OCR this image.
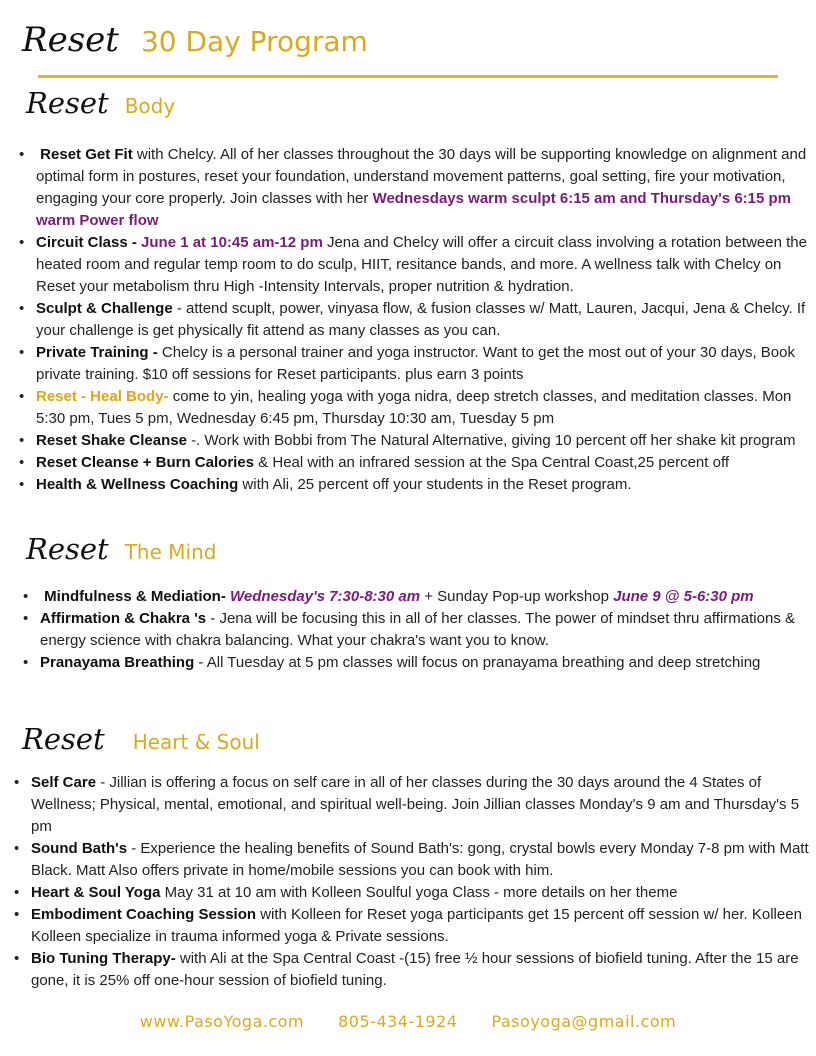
Reset 30 Day Program
Reset Body
• Reset Get Fit with Chelcy. All of her classes throughout the 30 days will be supporting knowledge on alignment and optimal form in postures, reset your foundation, understand movement patterns, goal setting, fire your motivation, engaging your core properly. Join classes with her Wednesdays warm sculpt 6:15 am and Thursday's 6:15 pm warm Power flow
• Circuit Class - June 1 at 10:45 am-12 pm Jena and Chelcy will offer a circuit class involving a rotation between the heated room and regular temp room to do sculp, HIIT, resitance bands, and more. A wellness talk with Chelcy on Reset your metabolism thru High -Intensity Intervals, proper nutrition & hydration.
• Sculpt & Challenge - attend scuplt, power, vinyasa flow, & fusion classes w/ Matt, Lauren, Jacqui, Jena & Chelcy. If your challenge is get physically fit attend as many classes as you can.
• Private Training - Chelcy is a personal trainer and yoga instructor. Want to get the most out of your 30 days, Book private training. $10 off sessions for Reset participants. plus earn 3 points
• Reset - Heal Body- come to yin, healing yoga with yoga nidra, deep stretch classes, and meditation classes. Mon 5:30 pm, Tues 5 pm, Wednesday 6:45 pm, Thursday 10:30 am, Tuesday 5 pm
• Reset Shake Cleanse -. Work with Bobbi from The Natural Alternative, giving 10 percent off her shake kit program
• Reset Cleanse + Burn Calories & Heal with an infrared session at the Spa Central Coast,25 percent off
• Health & Wellness Coaching with Ali, 25 percent off your students in the Reset program.
Reset The Mind
• Mindfulness & Mediation- Wednesday's 7:30-8:30 am + Sunday Pop-up workshop June 9 @ 5-6:30 pm
• Affirmation & Chakra 's - Jena will be focusing this in all of her classes. The power of mindset thru affirmations & energy science with chakra balancing. What your chakra's want you to know.
• Pranayama Breathing - All Tuesday at 5 pm classes will focus on pranayama breathing and deep stretching
Reset Heart & Soul
• Self Care - Jillian is offering a focus on self care in all of her classes during the 30 days around the 4 States of Wellness; Physical, mental, emotional, and spiritual well-being. Join Jillian classes Monday's 9 am and Thursday's 5 pm
• Sound Bath's - Experience the healing benefits of Sound Bath's: gong, crystal bowls every Monday 7-8 pm with Matt Black. Matt Also offers private in home/mobile sessions you can book with him.
• Heart & Soul Yoga May 31 at 10 am with Kolleen Soulful yoga Class - more details on her theme
• Embodiment Coaching Session with Kolleen for Reset yoga participants get 15 percent off session w/ her. Kolleen Kolleen specialize in trauma informed yoga & Private sessions.
• Bio Tuning Therapy- with Ali at the Spa Central Coast -(15) free ½ hour sessions of biofield tuning. After the 15 are gone, it is 25% off one-hour session of biofield tuning.
www.PasoYoga.com 805-434-1924 Pasoyoga@gmail.com
